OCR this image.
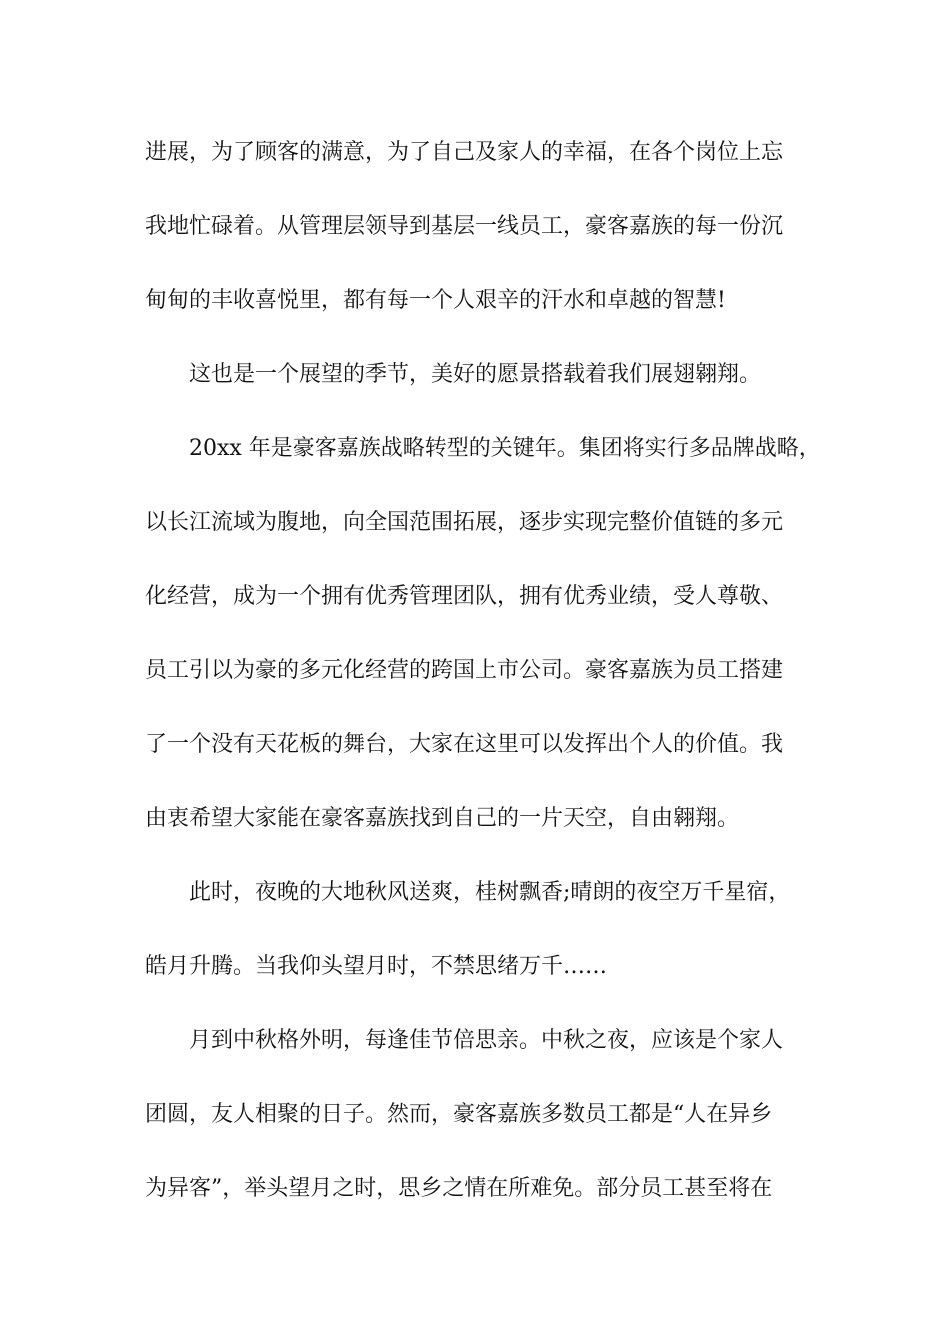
进展，为了顾客的满意，为了自己及家人的幸福，在各个岗位上忘
我地忙碌着。从管理层领导到基层一线员工，豪客嘉族的每一份沉
甸甸的丰收喜悦里，都有每一个人艰辛的汗水和卓越的智慧!
这也是一个展望的季节，美好的愿景搭载着我们展翅翱翔。
20xx 年是豪客嘉族战略转型的关键年。集团将实行多品牌战略，
以长江流域为腹地，向全国范围拓展，逐步实现完整价值链的多元
化经营，成为一个拥有优秀管理团队，拥有优秀业绩，受人尊敬、
员工引以为豪的多元化经营的跨国上市公司。豪客嘉族为员工搭建
了一个没有天花板的舞台，大家在这里可以发挥出个人的价值。我
由衷希望大家能在豪客嘉族找到自己的一片天空，自由翱翔。
此时，夜晚的大地秋风送爽，桂树飘香;晴朗的夜空万千星宿，
皓月升腾。当我仰头望月时，不禁思绪万千……
月到中秋格外明，每逢佳节倍思亲。中秋之夜，应该是个家人
团圆，友人相聚的日子。然而，豪客嘉族多数员工都是“人在异乡
为异客”，举头望月之时，思乡之情在所难免。部分员工甚至将在
